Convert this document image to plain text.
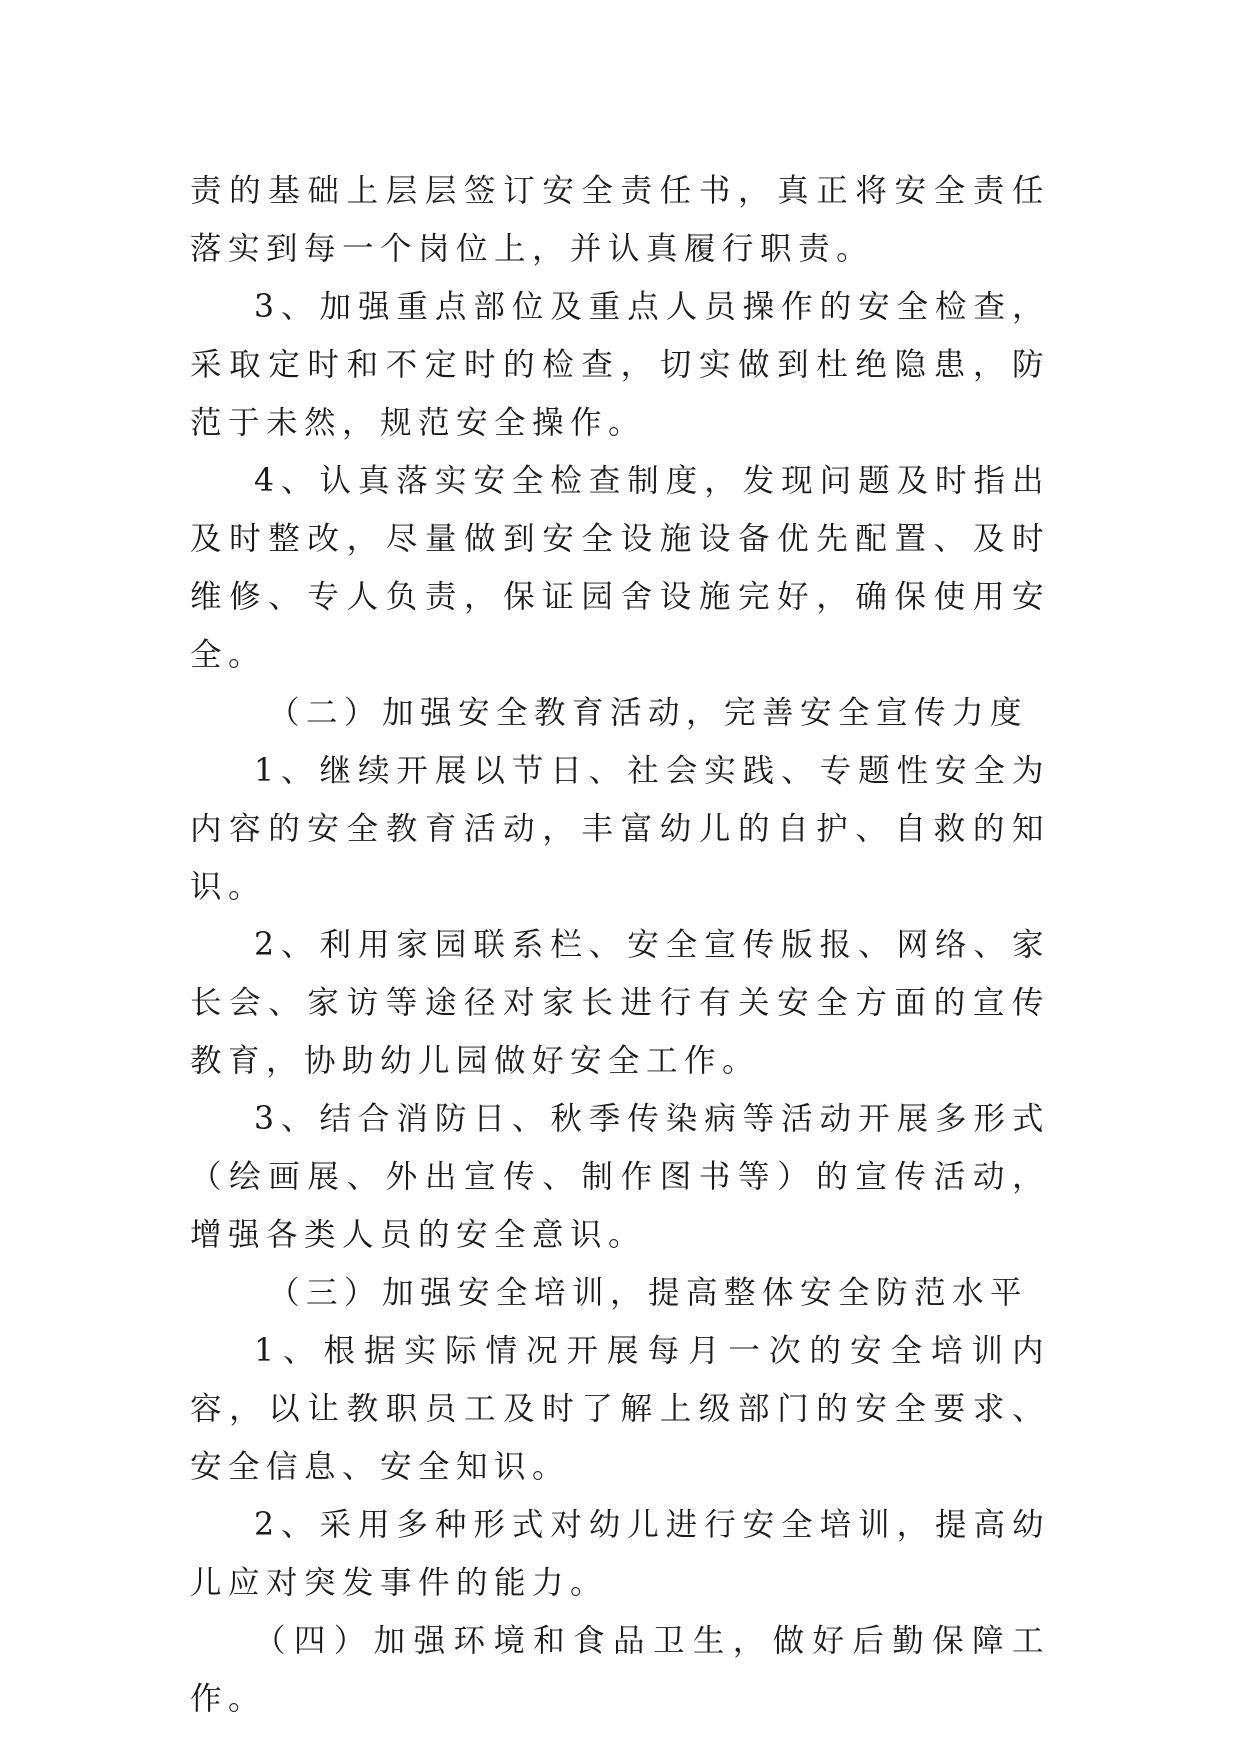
责的基础上层层签订安全责任书，真正将安全责任落实到每一个岗位上，并认真履行职责。

3、加强重点部位及重点人员操作的安全检查，采取定时和不定时的检查，切实做到杜绝隐患，防范于未然，规范安全操作。

4、认真落实安全检查制度，发现问题及时指出及时整改，尽量做到安全设施设备优先配置、及时维修、专人负责，保证园舍设施完好，确保使用安全。

（二）加强安全教育活动，完善安全宣传力度

1、继续开展以节日、社会实践、专题性安全为内容的安全教育活动，丰富幼儿的自护、自救的知识。

2、利用家园联系栏、安全宣传版报、网络、家长会、家访等途径对家长进行有关安全方面的宣传教育，协助幼儿园做好安全工作。

3、结合消防日、秋季传染病等活动开展多形式（绘画展、外出宣传、制作图书等）的宣传活动，增强各类人员的安全意识。

（三）加强安全培训，提高整体安全防范水平

1、根据实际情况开展每月一次的安全培训内容，以让教职员工及时了解上级部门的安全要求、安全信息、安全知识。

2、采用多种形式对幼儿进行安全培训，提高幼儿应对突发事件的能力。

（四）加强环境和食品卫生，做好后勤保障工作。
